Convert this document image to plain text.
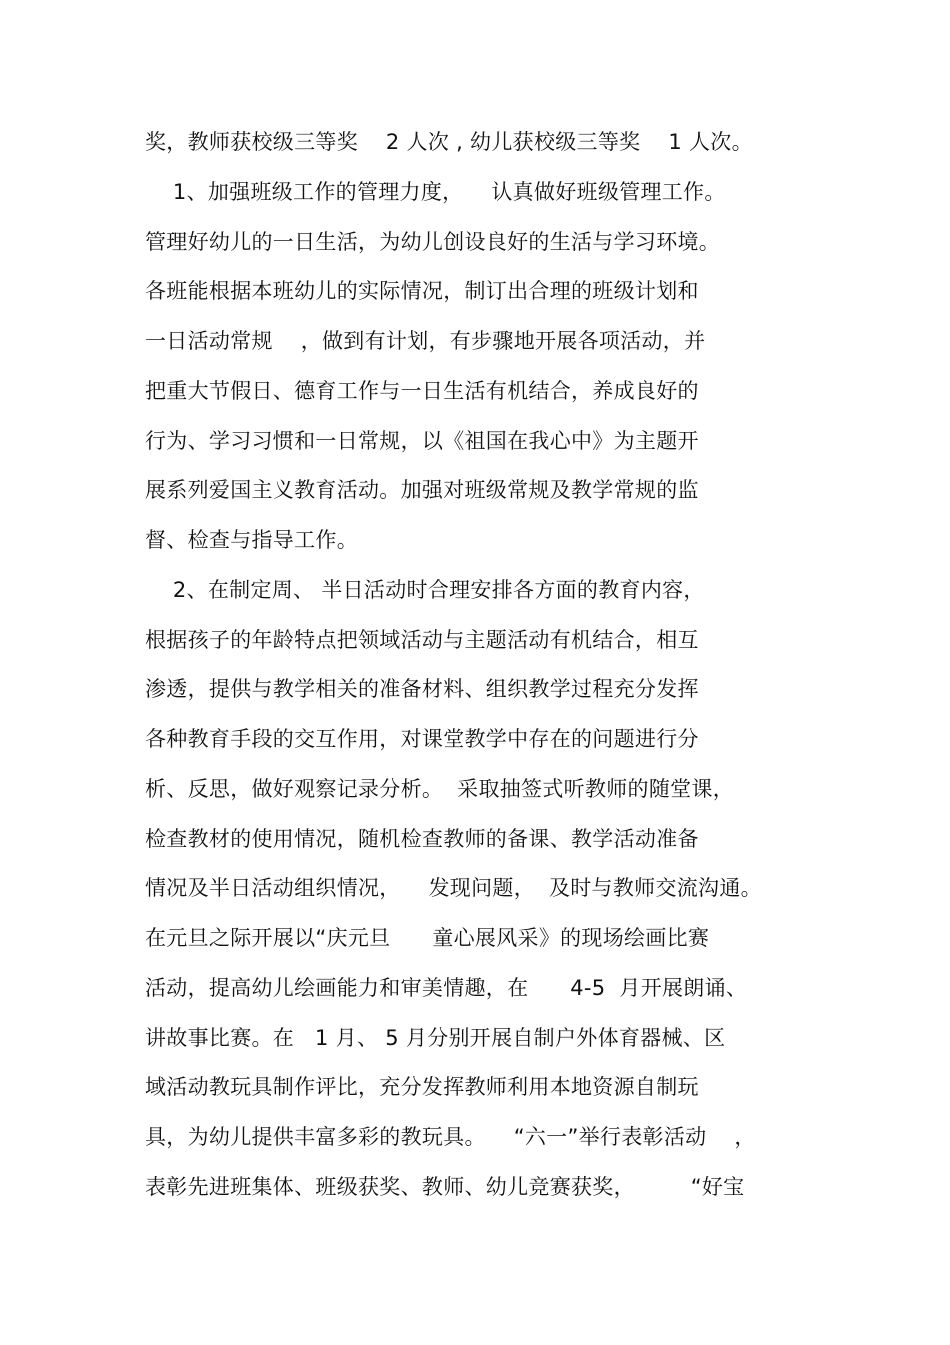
奖，教师获校级三等奖    2 人次 , 幼儿获校级三等奖    1 人次。
1、加强班级工作的管理力度，    认真做好班级管理工作。
管理好幼儿的一日生活，为幼儿创设良好的生活与学习环境。
各班能根据本班幼儿的实际情况，制订出合理的班级计划和
一日活动常规    ，做到有计划，有步骤地开展各项活动，并
把重大节假日、德育工作与一日生活有机结合，养成良好的
行为、学习习惯和一日常规，以《祖国在我心中》为主题开
展系列爱国主义教育活动。加强对班级常规及教学常规的监
督、检查与指导工作。
2、在制定周、 半日活动时合理安排各方面的教育内容，
根据孩子的年龄特点把领域活动与主题活动有机结合，相互
渗透，提供与教学相关的准备材料、组织教学过程充分发挥
各种教育手段的交互作用，对课堂教学中存在的问题进行分
析、反思，做好观察记录分析。  采取抽签式听教师的随堂课，
检查教材的使用情况，随机检查教师的备课、教学活动准备
情况及半日活动组织情况，    发现问题，  及时与教师交流沟通。
在元旦之际开展以“庆元旦      童心展风采》的现场绘画比赛
活动，提高幼儿绘画能力和审美情趣，在      4-5  月开展朗诵、
讲故事比赛。在   1 月、 5 月分别开展自制户外体育器械、区
域活动教玩具制作评比，充分发挥教师利用本地资源自制玩
具，为幼儿提供丰富多彩的教玩具。    “六一”举行表彰活动    ，
表彰先进班集体、班级获奖、教师、幼儿竞赛获奖，        “好宝
